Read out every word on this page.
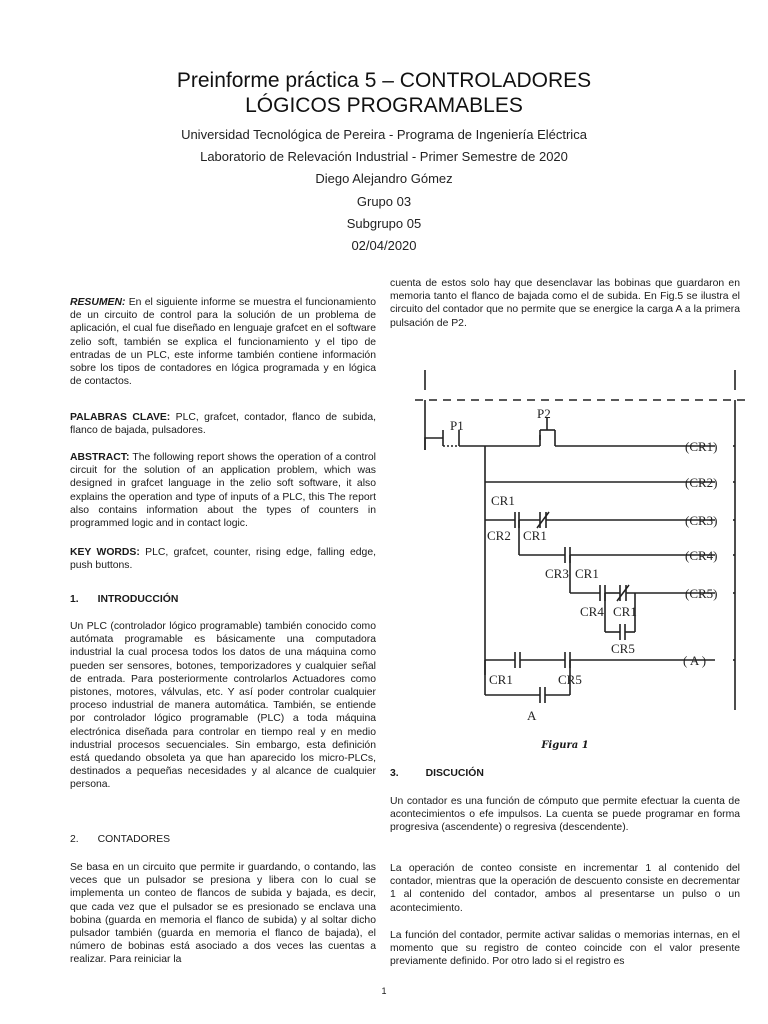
Preinforme práctica 5 – CONTROLADORES
LÓGICOS PROGRAMABLES
Universidad Tecnológica de Pereira - Programa de Ingeniería Eléctrica
Laboratorio de Relevación Industrial - Primer Semestre de 2020
Diego Alejandro Gómez
Grupo 03
Subgrupo 05
02/04/2020

RESUMEN: En el siguiente informe se muestra el funcionamiento de un circuito de control para la solución de un problema de aplicación, el cual fue diseñado en lenguaje grafcet en el software zelio soft, también se explica el funcionamiento y el tipo de entradas de un PLC, este informe también contiene información sobre los tipos de contadores en lógica programada y en lógica de contactos.

PALABRAS CLAVE: PLC, grafcet, contador, flanco de subida, flanco de bajada, pulsadores.

ABSTRACT: The following report shows the operation of a control circuit for the solution of an application problem, which was designed in grafcet language in the zelio soft software, it also explains the operation and type of inputs of a PLC, this The report also contains information about the types of counters in programmed logic and in contact logic.

KEY WORDS: PLC, grafcet, counter, rising edge, falling edge, push buttons.

1. INTRODUCCIÓN

Un PLC (controlador lógico programable) también conocido como autómata programable es básicamente una computadora industrial la cual procesa todos los datos de una máquina como pueden ser sensores, botones, temporizadores y cualquier señal de entrada. Para posteriormente controlarlos Actuadores como pistones, motores, válvulas, etc. Y así poder controlar cualquier proceso industrial de manera automática. También, se entiende por controlador lógico programable (PLC) a toda máquina electrónica diseñada para controlar en tiempo real y en medio industrial procesos secuenciales. Sin embargo, esta definición está quedando obsoleta ya que han aparecido los micro-PLCs, destinados a pequeñas necesidades y al alcance de cualquier persona.

2. CONTADORES

Se basa en un circuito que permite ir guardando, o contando, las veces que un pulsador se presiona y libera con lo cual se implementa un conteo de flancos de subida y bajada, es decir, que cada vez que el pulsador se es presionado se enclava una bobina (guarda en memoria el flanco de subida) y al soltar dicho pulsador también (guarda en memoria el flanco de bajada), el número de bobinas está asociado a dos veces las cuentas a realizar. Para reiniciar la

cuenta de estos solo hay que desenclavar las bobinas que guardaron en memoria tanto el flanco de bajada como el de subida. En Fig.5 se ilustra el circuito del contador que no permite que se energice la carga A a la primera pulsación de P2.

P1
P2
CR1
CR2 CR1
CR3 CR1
CR4 CR1
CR5
CR1	CR5
A
(CR1)
(CR2)
(CR3)
(CR4)
(CR5)
( A )
Figura 1
3.	DISCUCIÓN

Un contador es una función de cómputo que permite efectuar la cuenta de acontecimientos o efe impulsos. La cuenta se puede programar en forma progresiva (ascendente) o regresiva (descendente).

La operación de conteo consiste en incrementar 1 al contenido del contador, mientras que la operación de descuento consiste en decrementar 1 al contenido del contador, ambos al presentarse un pulso o un acontecimiento.

La función del contador, permite activar salidas o memorias internas, en el momento que su registro de conteo coincide con el valor presente previamente definido. Por otro lado si el registro es

1
